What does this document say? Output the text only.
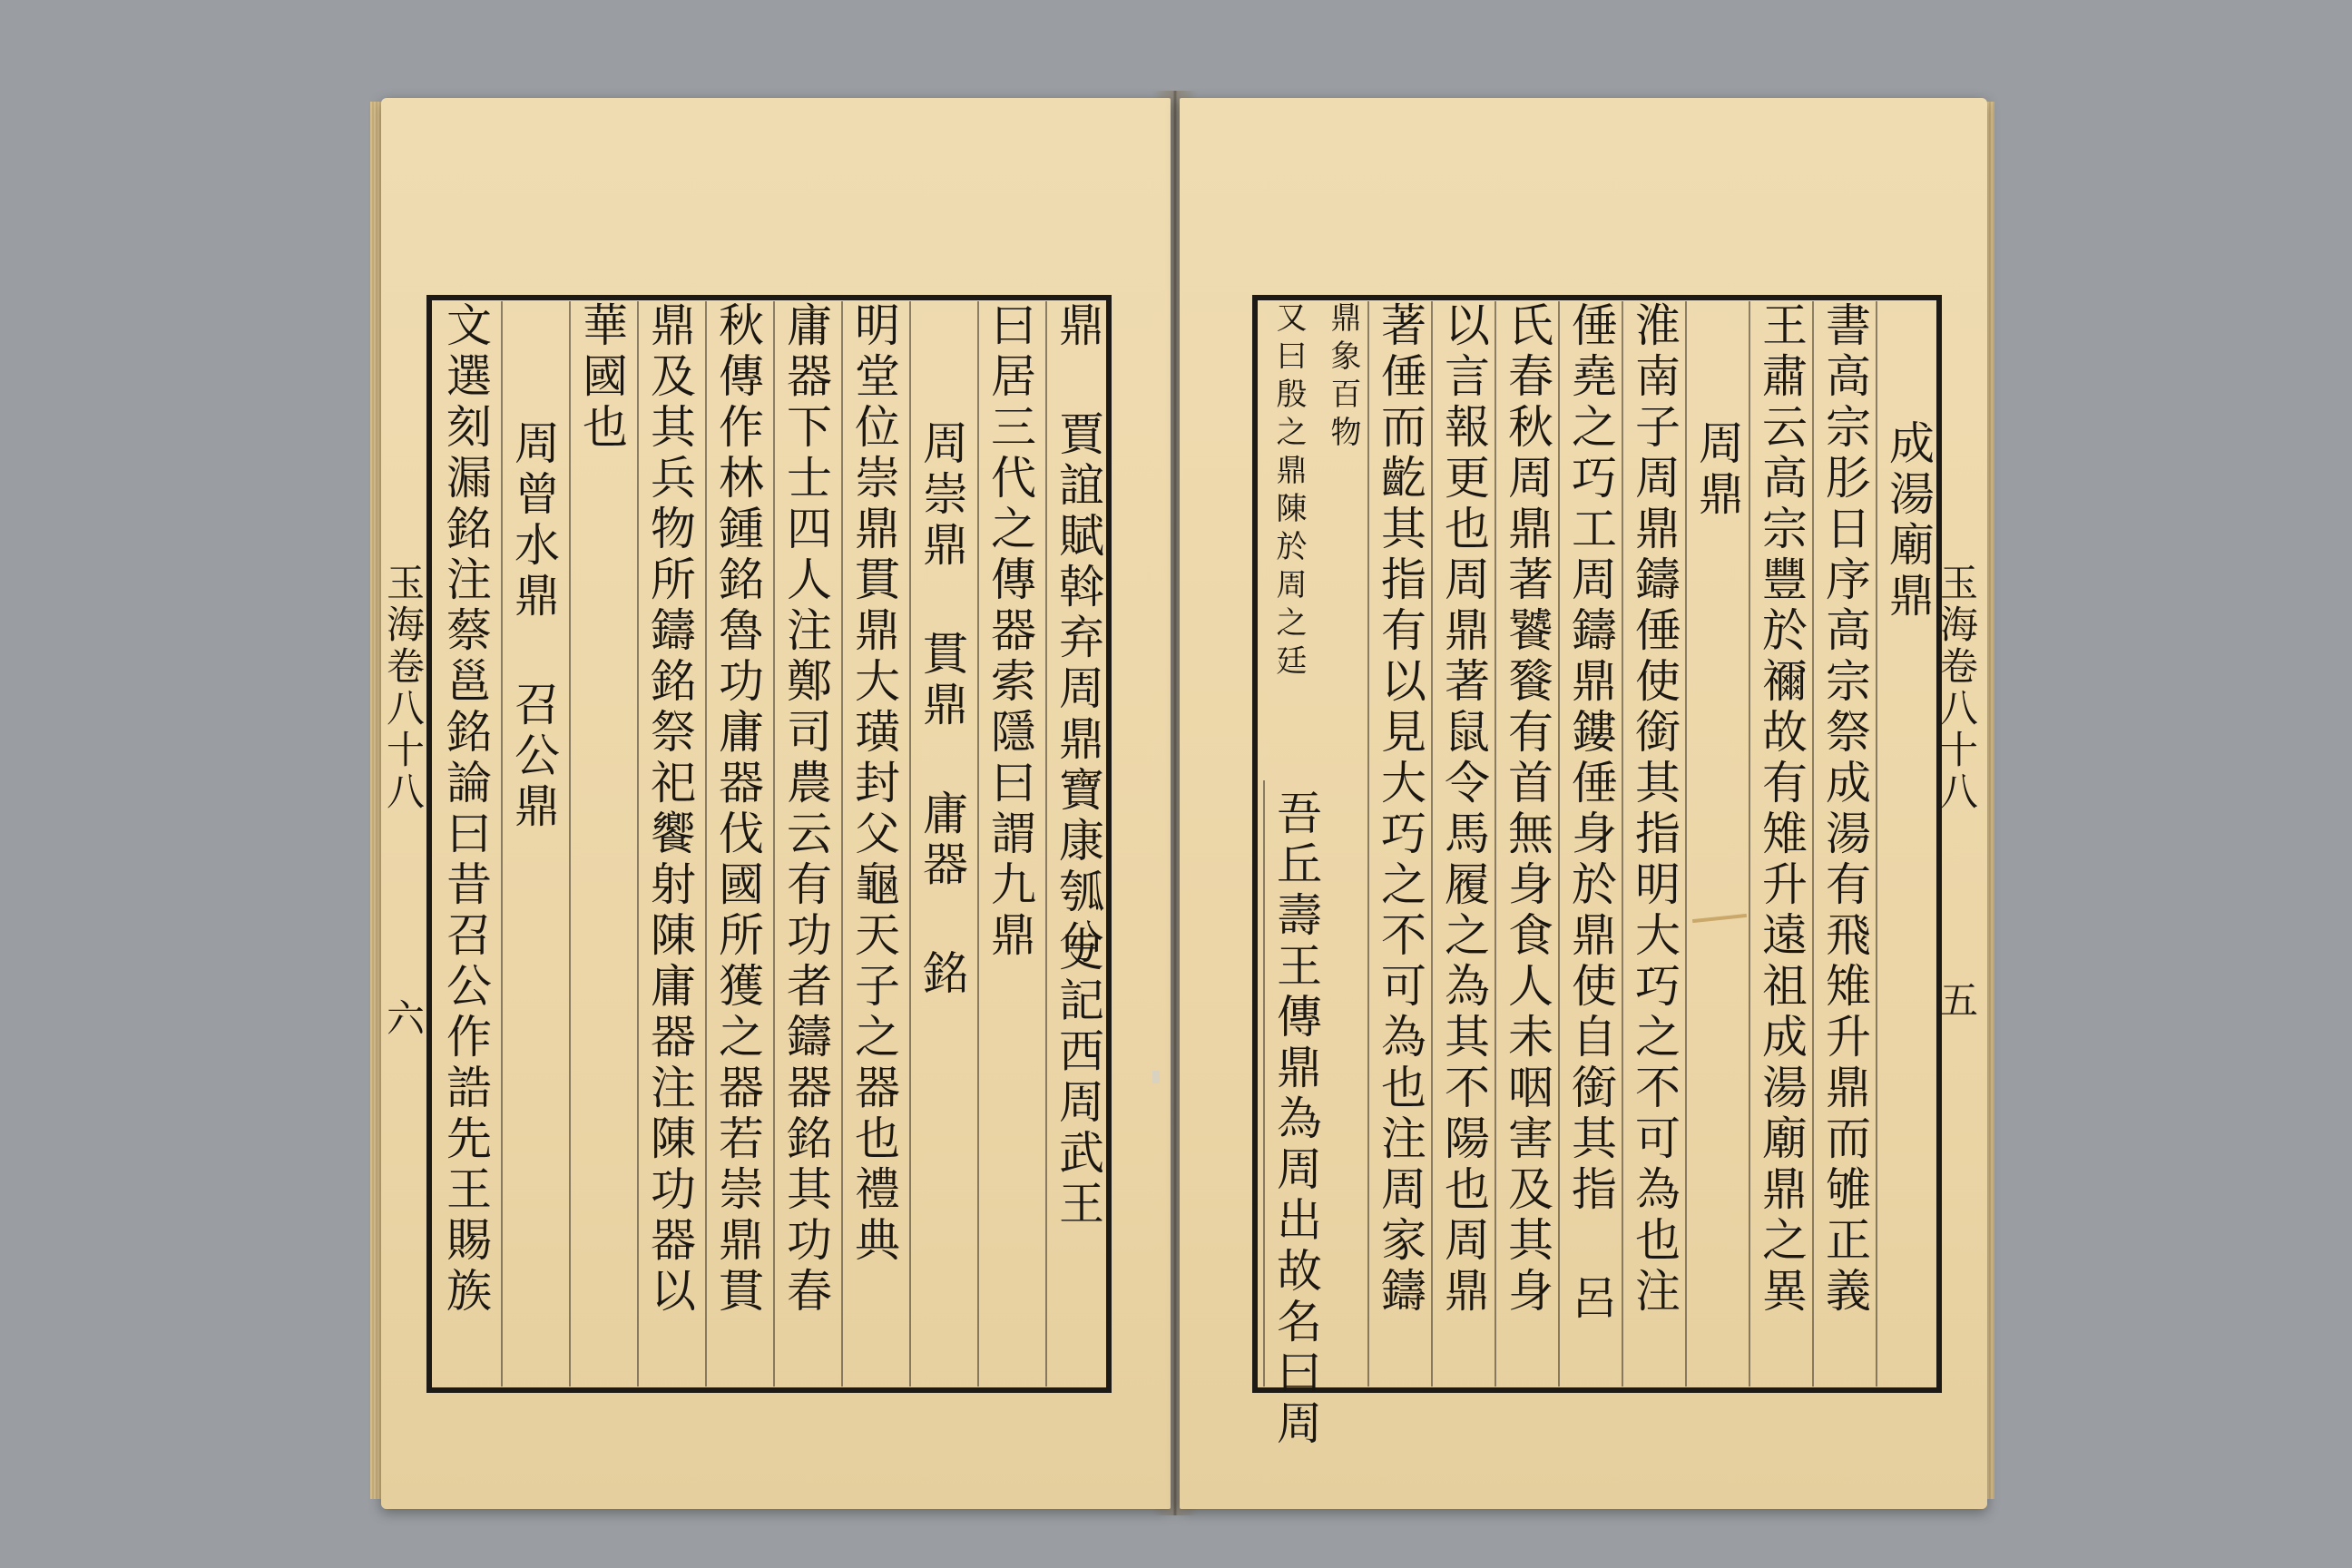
玉海卷八十八
六
鼎 賈誼賦斡弃周鼎寶康瓠兮
史記西周武王
曰居三代之傳器索隱曰謂九鼎
周崇鼎 貫鼎 庸器 銘
明堂位崇鼎貫鼎大璜封父龜天子之器也禮典
庸器下士四人注鄭司農云有功者鑄器銘其功春
秋傳作林鍾銘魯功庸器伐國所獲之器若崇鼎貫
鼎及其兵物所鑄銘祭祀饗射陳庸器注陳功器以
華國也
周曾水鼎 召公鼎
文選刻漏銘注蔡邕銘論曰昔召公作誥先王賜族	玉海卷八十八
五
成湯廟鼎
書高宗肜日序高宗祭成湯有飛雉升鼎而雊正義
王肅云高宗豐於禰故有雉升遠祖成湯廟鼎之異
周鼎
淮南子周鼎鑄倕使銜其指明大巧之不可為也注
倕堯之巧工周鑄鼎鏤倕身於鼎使自銜其指 呂
氏春秋周鼎著饕餮有首無身食人未咽害及其身
以言報更也周鼎著鼠令馬履之為其不陽也周鼎
著倕而齕其指有以見大巧之不可為也注周家鑄
鼎象百物
又曰殷之鼎陳於周之廷
吾丘壽王傳鼎為周出故名曰周
